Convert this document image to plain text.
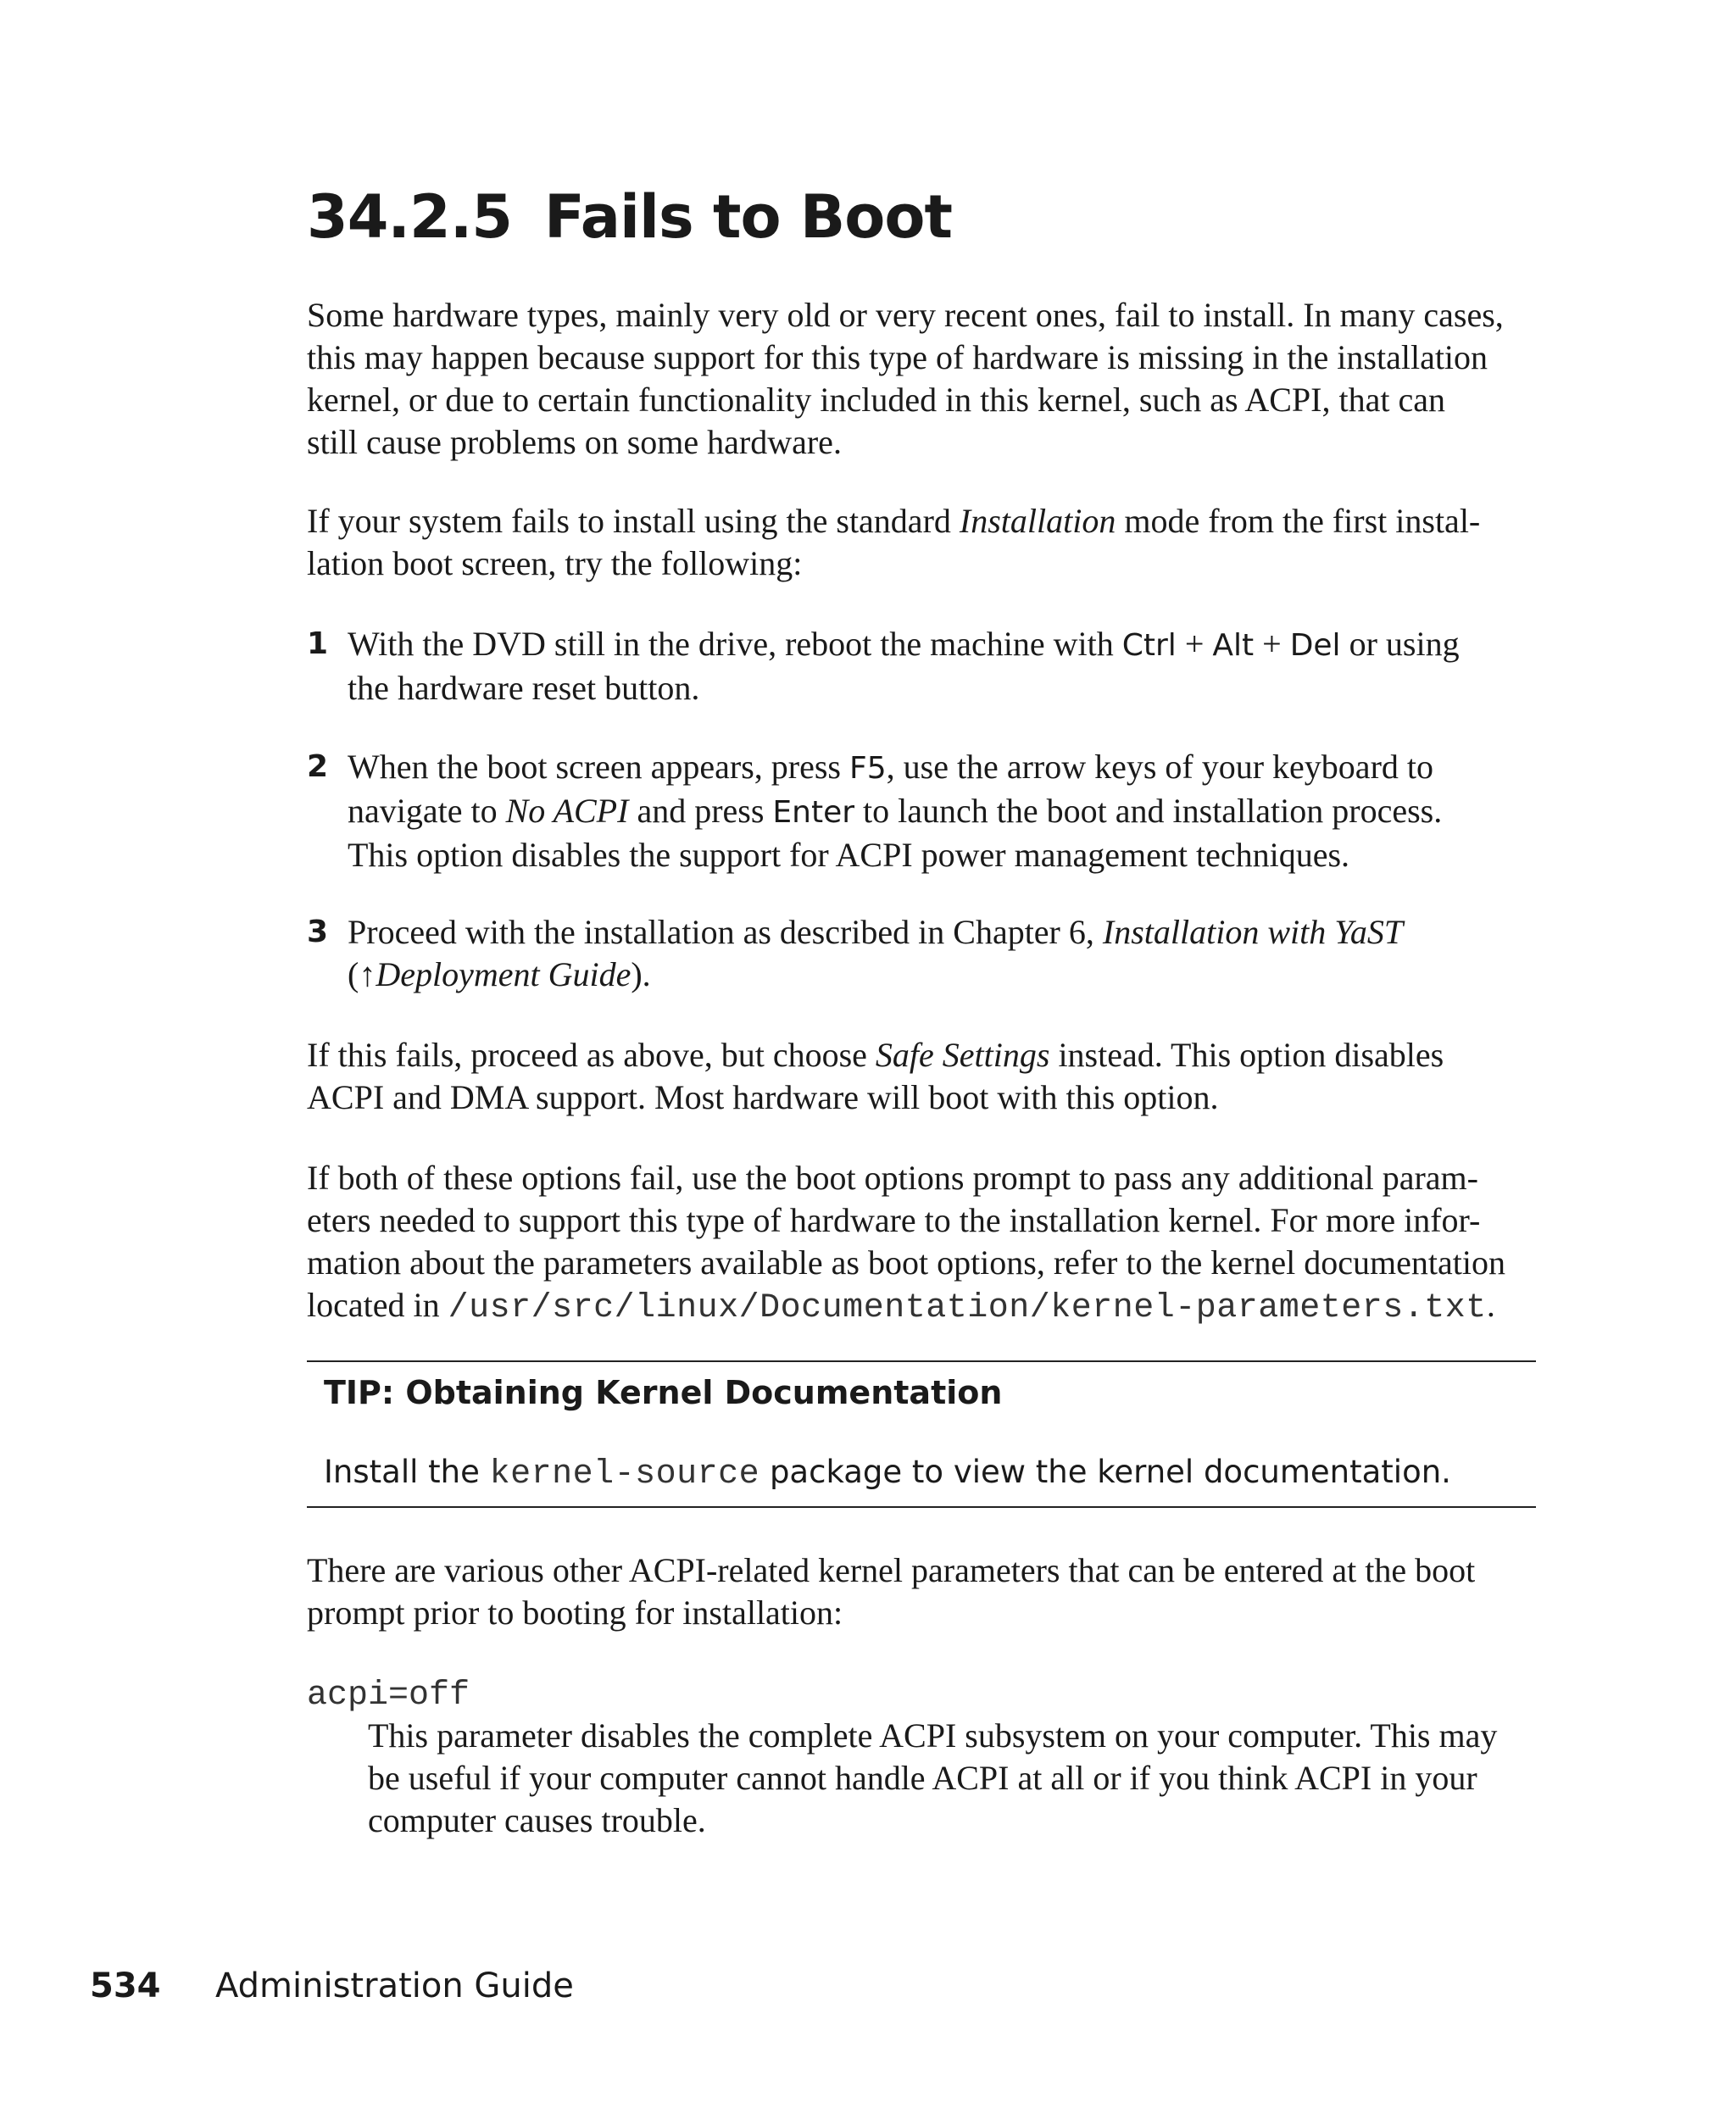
34.2.5 Fails to Boot
Some hardware types, mainly very old or very recent ones, fail to install. In many cases,
this may happen because support for this type of hardware is missing in the installation
kernel, or due to certain functionality included in this kernel, such as ACPI, that can
still cause problems on some hardware.
If your system fails to install using the standard Installation mode from the first instal-
lation boot screen, try the following:
1 With the DVD still in the drive, reboot the machine with Ctrl + Alt + Del or using
the hardware reset button.
2 When the boot screen appears, press F5, use the arrow keys of your keyboard to
navigate to No ACPI and press Enter to launch the boot and installation process.
This option disables the support for ACPI power management techniques.
3 Proceed with the installation as described in Chapter 6, Installation with YaST
(↑Deployment Guide).
If this fails, proceed as above, but choose Safe Settings instead. This option disables
ACPI and DMA support. Most hardware will boot with this option.
If both of these options fail, use the boot options prompt to pass any additional param-
eters needed to support this type of hardware to the installation kernel. For more infor-
mation about the parameters available as boot options, refer to the kernel documentation
located in /usr/src/linux/Documentation/kernel-parameters.txt.
TIP: Obtaining Kernel Documentation
Install the kernel-source package to view the kernel documentation.
There are various other ACPI-related kernel parameters that can be entered at the boot
prompt prior to booting for installation:
acpi=off
This parameter disables the complete ACPI subsystem on your computer. This may
be useful if your computer cannot handle ACPI at all or if you think ACPI in your
computer causes trouble.
534 Administration Guide
